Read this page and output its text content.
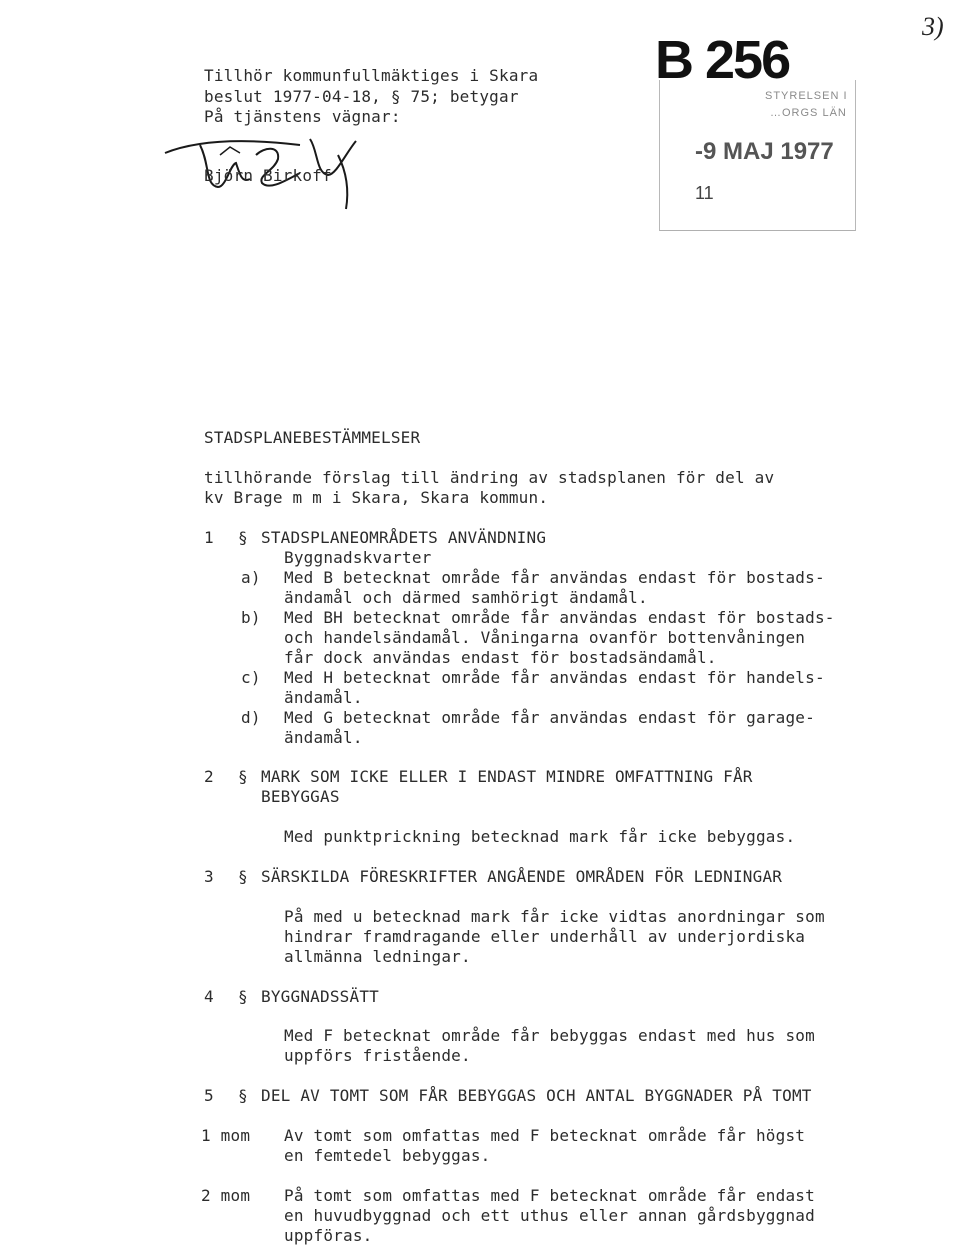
3)
B 256
STYRELSEN I
…ORGS LÄN
-9 MAJ 1977
11
Tillhör kommunfullmäktiges i Skara
beslut 1977-04-18, § 75; betygar
På tjänstens vägnar:
Björn Birkoff
STADSPLANEBESTÄMMELSER
tillhörande förslag till ändring av stadsplanen för del av
kv Brage m m i Skara, Skara kommun.
1 § STADSPLANEOMRÅDETS ANVÄNDNING
Byggnadskvarter
a) Med B betecknat område får användas endast för bostads-
ändamål och därmed samhörigt ändamål.
b) Med BH betecknat område får användas endast för bostads-
och handelsändamål. Våningarna ovanför bottenvåningen
får dock användas endast för bostadsändamål.
c) Med H betecknat område får användas endast för handels-
ändamål.
d) Med G betecknat område får användas endast för garage-
ändamål.
2 § MARK SOM ICKE ELLER I ENDAST MINDRE OMFATTNING FÅR
BEBYGGAS
Med punktprickning betecknad mark får icke bebyggas.
3 § SÄRSKILDA FÖRESKRIFTER ANGÅENDE OMRÅDEN FÖR LEDNINGAR
På med u betecknad mark får icke vidtas anordningar som
hindrar framdragande eller underhåll av underjordiska
allmänna ledningar.
4 § BYGGNADSSÄTT
Med F betecknat område får bebyggas endast med hus som
uppförs fristående.
5 § DEL AV TOMT SOM FÅR BEBYGGAS OCH ANTAL BYGGNADER PÅ TOMT
1 mom Av tomt som omfattas med F betecknat område får högst
en femtedel bebyggas.
2 mom På tomt som omfattas med F betecknat område får endast
en huvudbyggnad och ett uthus eller annan gårdsbyggnad
uppföras.
